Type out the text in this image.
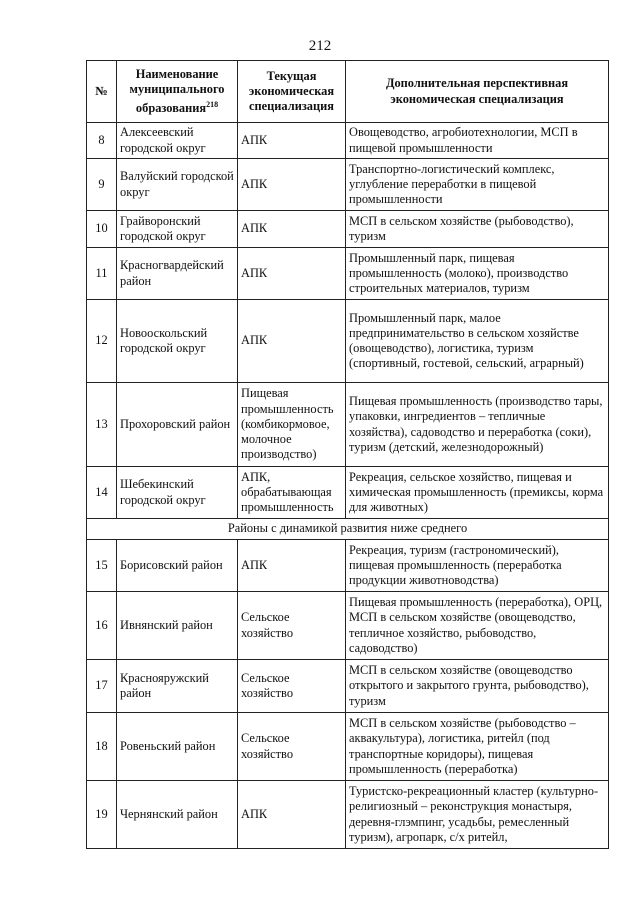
212
№	Наименование муниципального образования$^{218}$	Текущая экономическая специализация	Дополнительная перспективная экономическая специализация
8	Алексеевский городской округ	АПК	Овощеводство, агробиотехнологии, МСП в пищевой промышленности
9	Валуйский городской округ	АПК	Транспортно-логистический комплекс, углубление переработки в пищевой промышленности
10	Грайворонский городской округ	АПК	МСП в сельском хозяйстве (рыбоводство), туризм
11	Красногвардейский район	АПК	Промышленный парк, пищевая промышленность (молоко), производство строительных материалов, туризм
12	Новооскольский городской округ	АПК	Промышленный парк, малое предпринимательство в сельском хозяйстве (овощеводство), логистика, туризм (спортивный, гостевой, сельский, аграрный)
13	Прохоровский район	Пищевая промышленность (комбикормовое, молочное производство)	Пищевая промышленность (производство тары, упаковки, ингредиентов – тепличные хозяйства), садоводство и переработка (соки), туризм (детский, железнодорожный)
14	Шебекинский городской округ	АПК, обрабатывающая промышленность	Рекреация, сельское хозяйство, пищевая и химическая промышленность (премиксы, корма для животных)
Районы с динамикой развития ниже среднего			
15	Борисовский район	АПК	Рекреация, туризм (гастрономический), пищевая промышленность (переработка продукции животноводства)
16	Ивнянский район	Сельское хозяйство	Пищевая промышленность (переработка), ОРЦ, МСП в сельском хозяйстве (овощеводство, тепличное хозяйство, рыбоводство, садоводство)
17	Краснояружский район	Сельское хозяйство	МСП в сельском хозяйстве (овощеводство открытого и закрытого грунта, рыбоводство), туризм
18	Ровеньский район	Сельское хозяйство	МСП в сельском хозяйстве (рыбоводство – аквакультура), логистика, ритейл (под транспортные коридоры), пищевая промышленность (переработка)
19	Чернянский район	АПК	Туристско-рекреационный кластер (культурно-религиозный – реконструкция монастыря, деревня-глэмпинг, усадьбы, ремесленный туризм), агропарк, с/х ритейл,
